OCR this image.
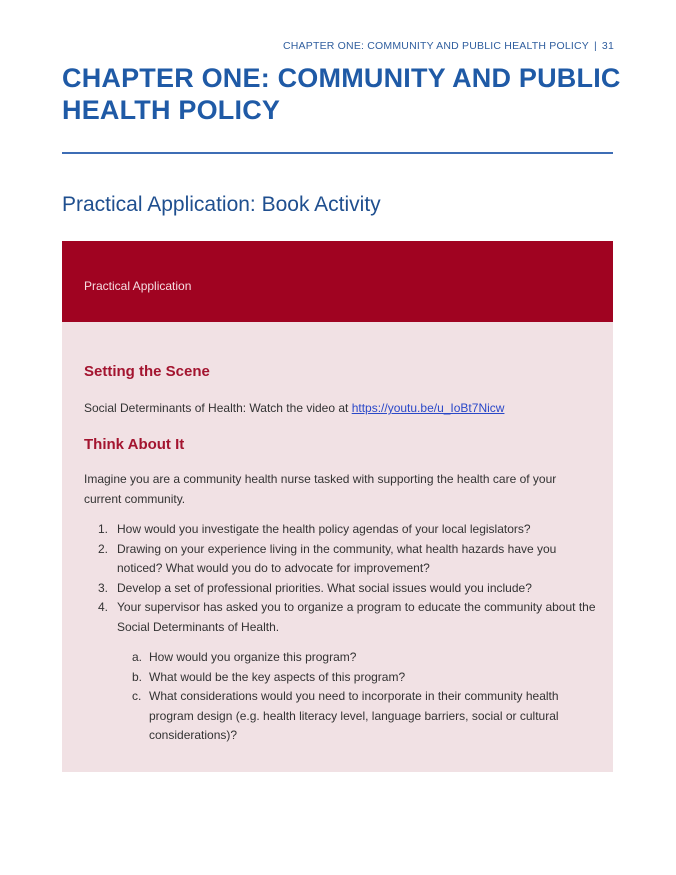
CHAPTER ONE: COMMUNITY AND PUBLIC HEALTH POLICY | 31
CHAPTER ONE: COMMUNITY AND PUBLIC HEALTH POLICY
Practical Application: Book Activity
Practical Application
Setting the Scene

Social Determinants of Health: Watch the video at https://youtu.be/u_IoBt7Nicw

Think About It

Imagine you are a community health nurse tasked with supporting the health care of your current community.

1. How would you investigate the health policy agendas of your local legislators?
2. Drawing on your experience living in the community, what health hazards have you noticed? What would you do to advocate for improvement?
3. Develop a set of professional priorities. What social issues would you include?
4. Your supervisor has asked you to organize a program to educate the community about the Social Determinants of Health.
a. How would you organize this program?
b. What would be the key aspects of this program?
c. What considerations would you need to incorporate in their community health program design (e.g. health literacy level, language barriers, social or cultural considerations)?
